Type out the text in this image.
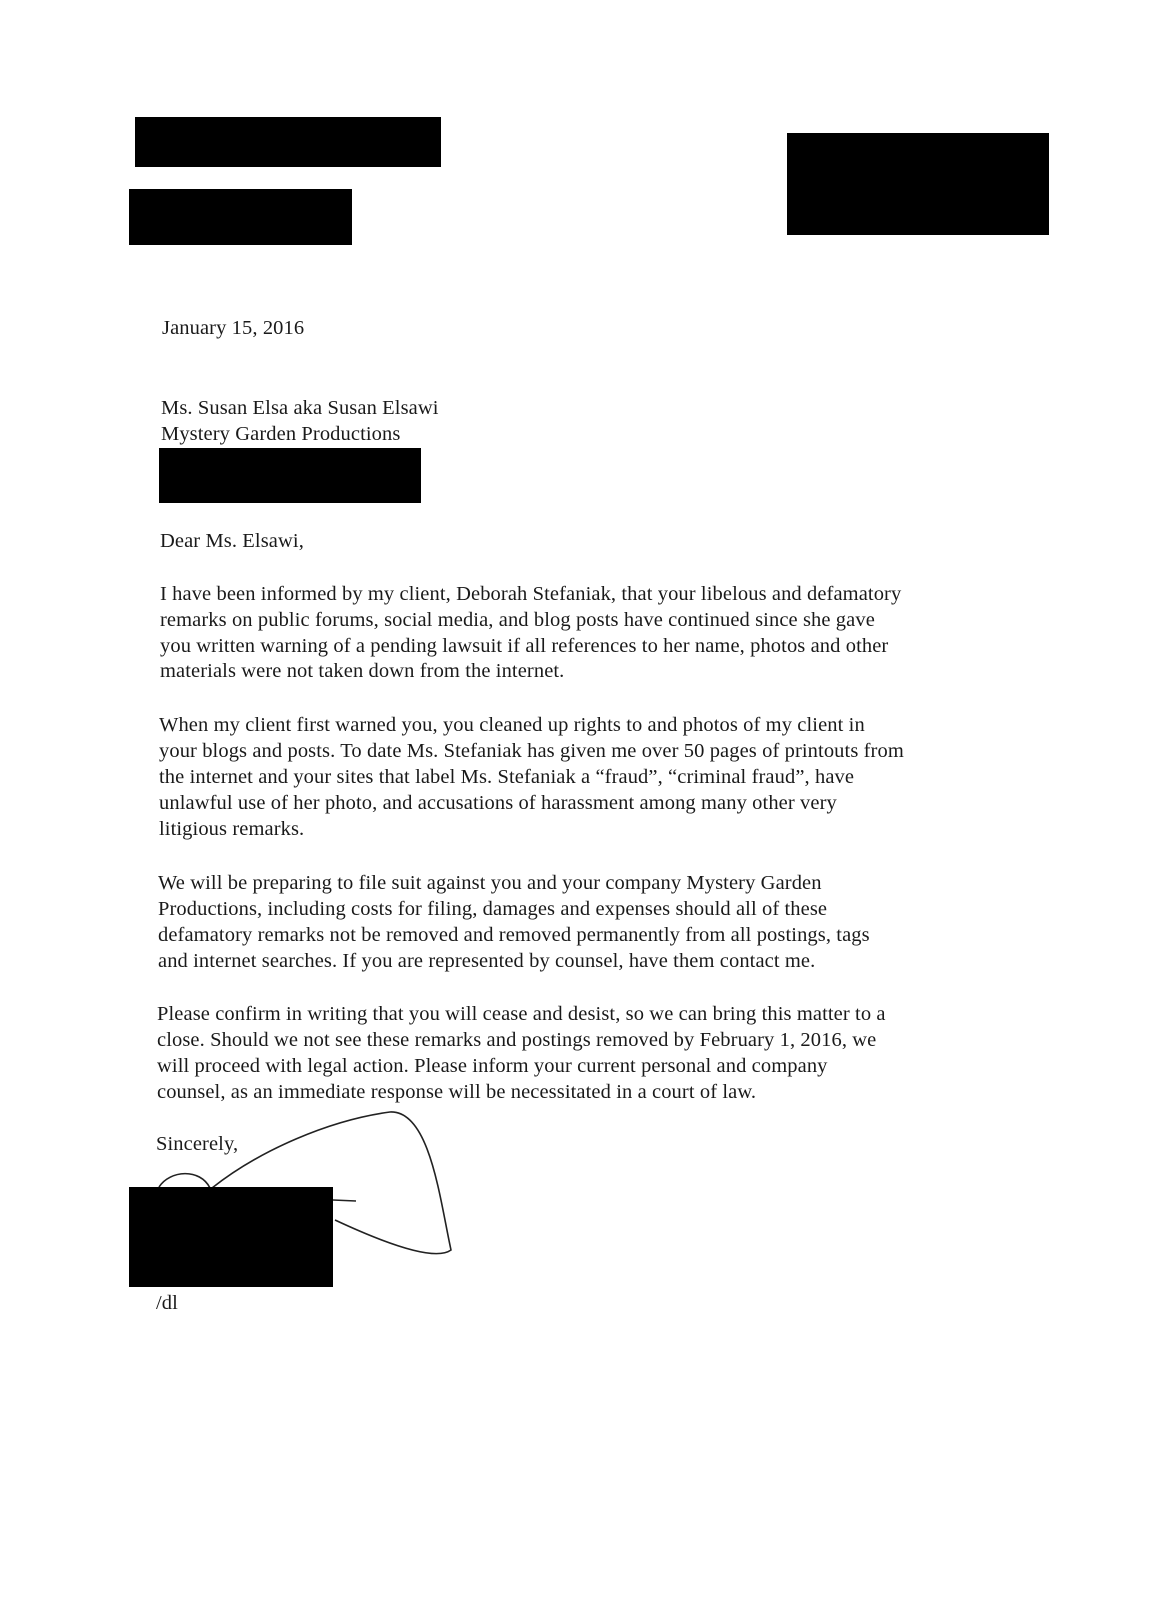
January 15, 2016
Ms. Susan Elsa aka Susan Elsawi
Mystery Garden Productions
Dear Ms. Elsawi,
I have been informed by my client, Deborah Stefaniak, that your libelous and defamatory
remarks on public forums, social media, and blog posts have continued since she gave
you written warning of a pending lawsuit if all references to her name, photos and other
materials were not taken down from the internet.
When my client first warned you, you cleaned up rights to and photos of my client in
your blogs and posts. To date Ms. Stefaniak has given me over 50 pages of printouts from
the internet and your sites that label Ms. Stefaniak a “fraud”, “criminal fraud”, have
unlawful use of her photo, and accusations of harassment among many other very
litigious remarks.
We will be preparing to file suit against you and your company Mystery Garden
Productions, including costs for filing, damages and expenses should all of these
defamatory remarks not be removed and removed permanently from all postings, tags
and internet searches. If you are represented by counsel, have them contact me.
Please confirm in writing that you will cease and desist, so we can bring this matter to a
close. Should we not see these remarks and postings removed by February 1, 2016, we
will proceed with legal action. Please inform your current personal and company
counsel, as an immediate response will be necessitated in a court of law.
Sincerely,
/dl
